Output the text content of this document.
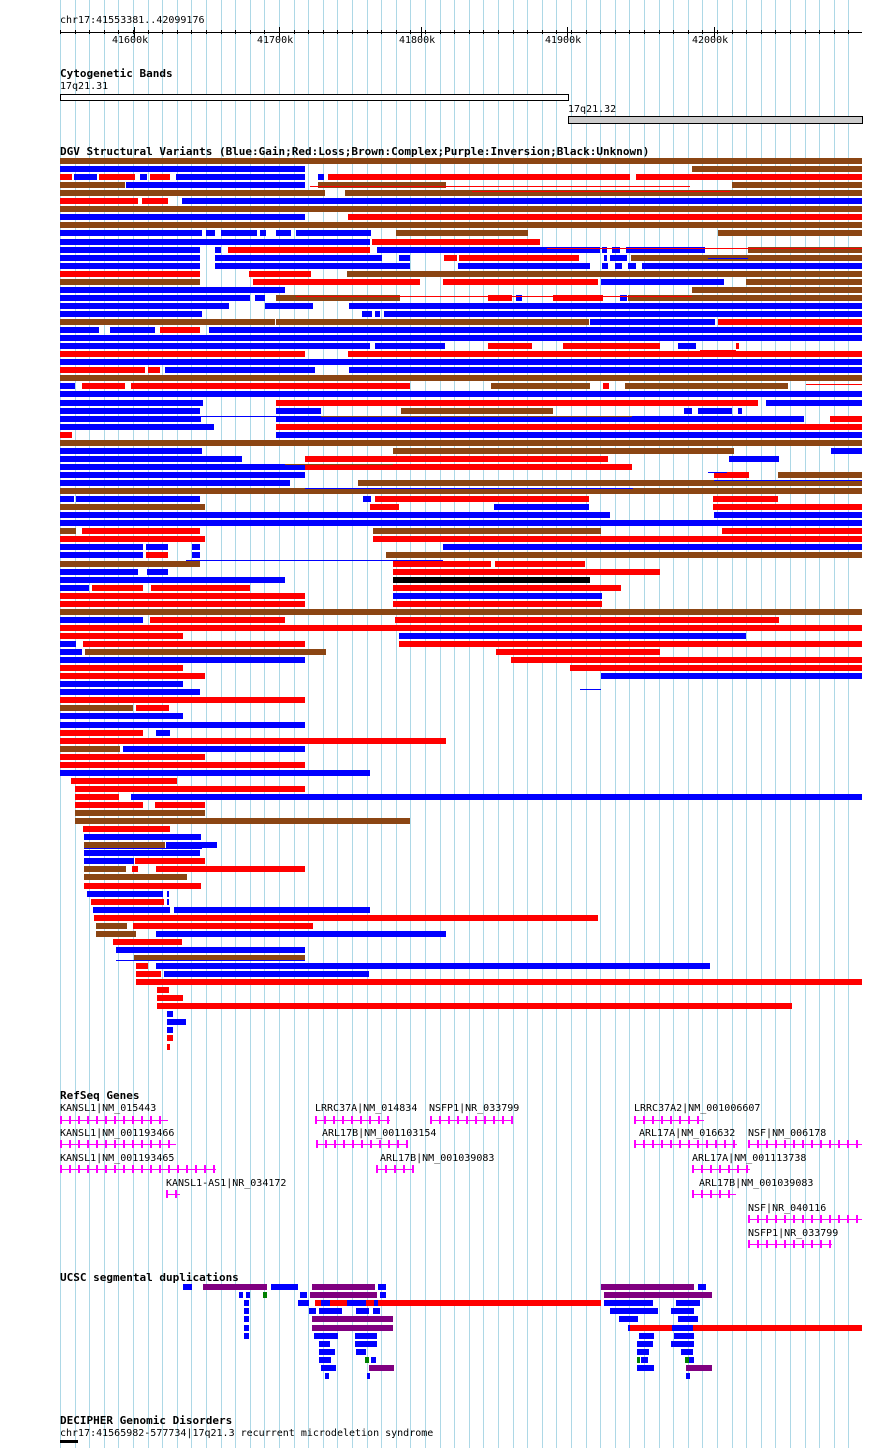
chr17:41553381..42099176
41600k	41700k	41800k	41900k	42000k
Cytogenetic Bands
17q21.31
17q21.32
DGV Structural Variants (Blue:Gain;Red:Loss;Brown:Complex;Purple:Inversion;Black:Unknown)
RefSeq Genes
KANSL1|NM_015443
KANSL1|NM_001193466
KANSL1|NM_001193465
KANSL1-AS1|NR_034172
LRRC37A|NM_014834 NSFP1|NR_033799
ARL17B|NM_001103154
ARL17B|NM_001039083
LRRC37A2|NM_001006607
ARL17A|NM_016632 NSF|NM_006178
ARL17A|NM_001113738
ARL17B|NM_001039083
NSF|NR_040116
NSFP1|NR_033799
UCSC segmental duplications
DECIPHER Genomic Disorders
chr17:41565982-577734|17q21.3 recurrent microdeletion syndrome
